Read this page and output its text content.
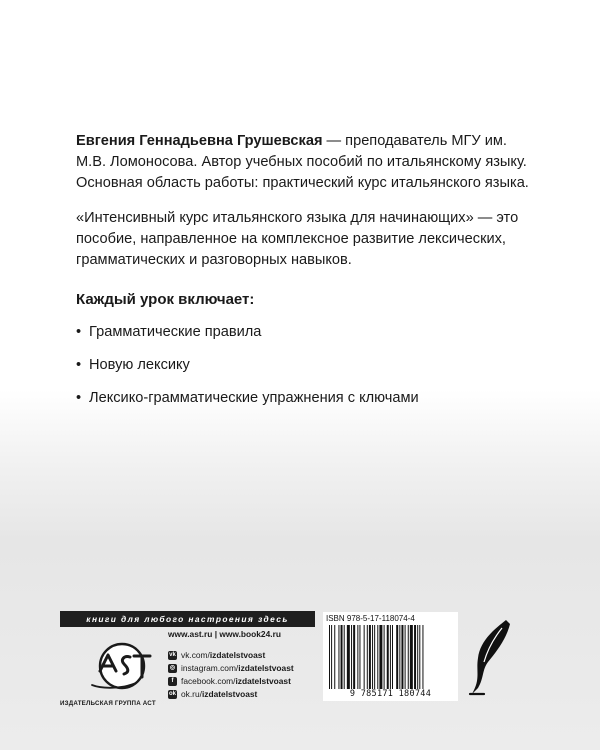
Евгения Геннадьевна Грушевская — преподаватель МГУ им. М.В. Ломоносова. Автор учебных пособий по итальянскому языку. Основная область работы: практический курс итальянского языка.

«Интенсивный курс итальянского языка для начинающих» — это пособие, направленное на комплексное развитие лексических, грамматических и разговорных навыков.

Каждый урок включает:
• Грамматические правила
• Новую лексику
• Лексико-грамматические упражнения с ключами
книги для любого настроения здесь
ИЗДАТЕЛЬСКАЯ ГРУППА АСТ
www.ast.ru | www.book24.ru
vk vk.com/ izdatelstvoast
◎ instagram.com/ izdatelstvoast
f facebook.com/ izdatelstvoast
ok ok.ru/ izdatelstvoast
ISBN 978-5-17-118074-4
9 785171 180744
